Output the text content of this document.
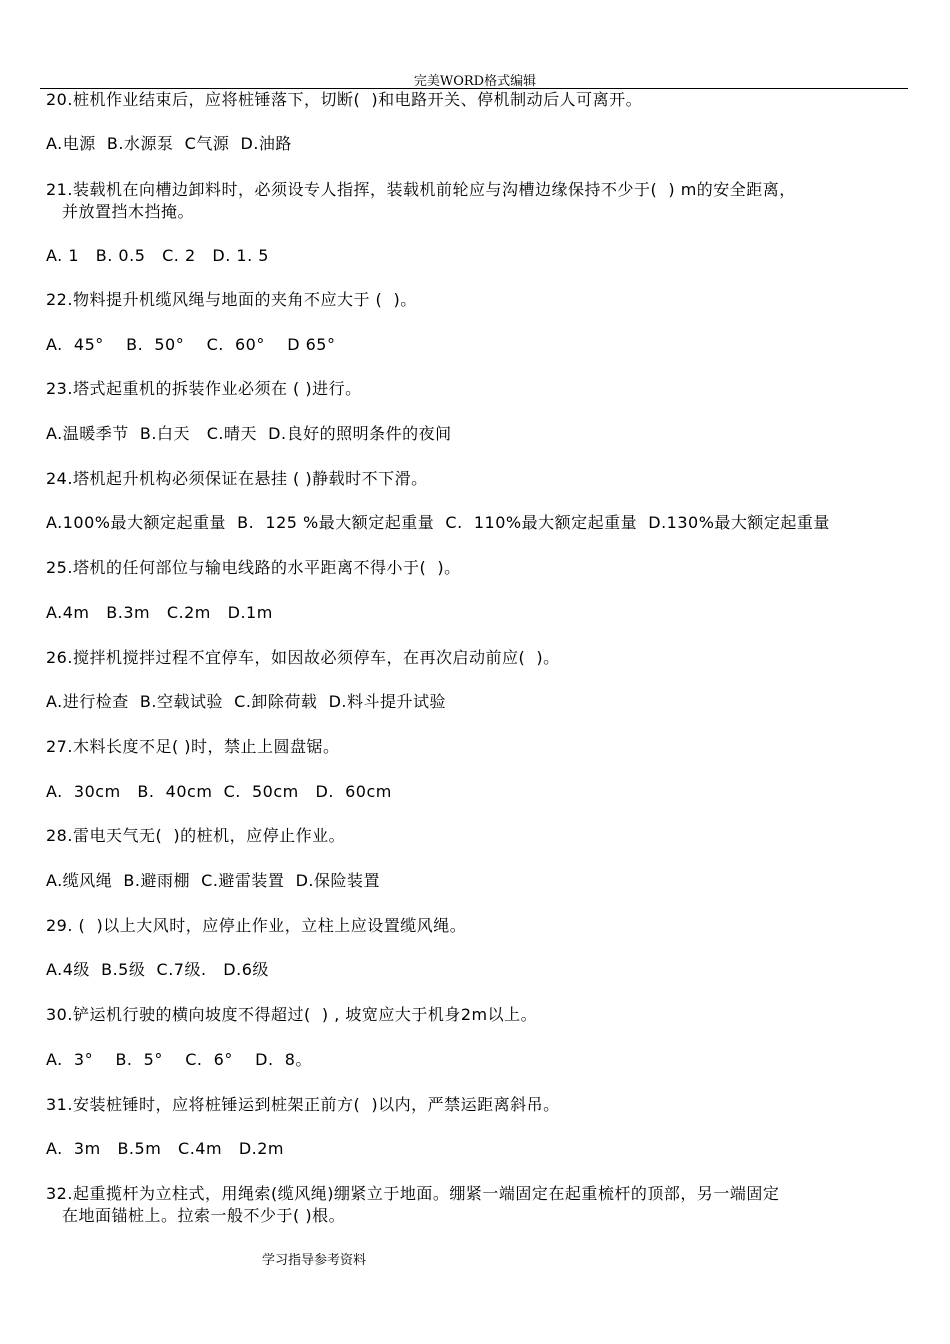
完美WORD格式编辑
20.桩机作业结束后，应将桩锤落下，切断(  )和电路开关、停机制动后人可离开。
A.电源  B.水源泵  C气源  D.油路
21.装载机在向槽边卸料时，必须设专人指挥，装载机前轮应与沟槽边缘保持不少于(  ) m的安全距离，
并放置挡木挡掩。
A. 1   B. 0.5   C. 2   D. 1. 5
22.物料提升机缆风绳与地面的夹角不应大于 (  )。
A.  45°    B.  50°    C.  60°    D 65°
23.塔式起重机的拆装作业必须在 ( )进行。
A.温暖季节  B.白天   C.晴天  D.良好的照明条件的夜间
24.塔机起升机构必须保证在悬挂 ( )静载时不下滑。
A.100%最大额定起重量  B.  125 %最大额定起重量  C.  110%最大额定起重量  D.130%最大额定起重量
25.塔机的任何部位与输电线路的水平距离不得小于(  )。
A.4m   B.3m   C.2m   D.1m
26.搅拌机搅拌过程不宜停车，如因故必须停车，在再次启动前应(  )。
A.进行检查  B.空载试验  C.卸除荷载  D.料斗提升试验
27.木料长度不足( )时，禁止上圆盘锯。
A.  30cm   B.  40cm  C.  50cm   D.  60cm
28.雷电天气无(  )的桩机，应停止作业。
A.缆风绳  B.避雨棚  C.避雷装置  D.保险装置
29. (  )以上大风时，应停止作业，立柱上应设置缆风绳。
A.4级  B.5级  C.7级.   D.6级
30.铲运机行驶的横向坡度不得超过(  ) , 坡宽应大于机身2m以上。
A.  3°    B.  5°    C.  6°    D.  8。
31.安装桩锤时，应将桩锤运到桩架正前方(  )以内，严禁运距离斜吊。
A.  3m   B.5m   C.4m   D.2m
32.起重揽杆为立柱式，用绳索(缆风绳)绷紧立于地面。绷紧一端固定在起重梳杆的顶部，另一端固定
在地面锚桩上。拉索一般不少于( )根。
学习指导参考资料
